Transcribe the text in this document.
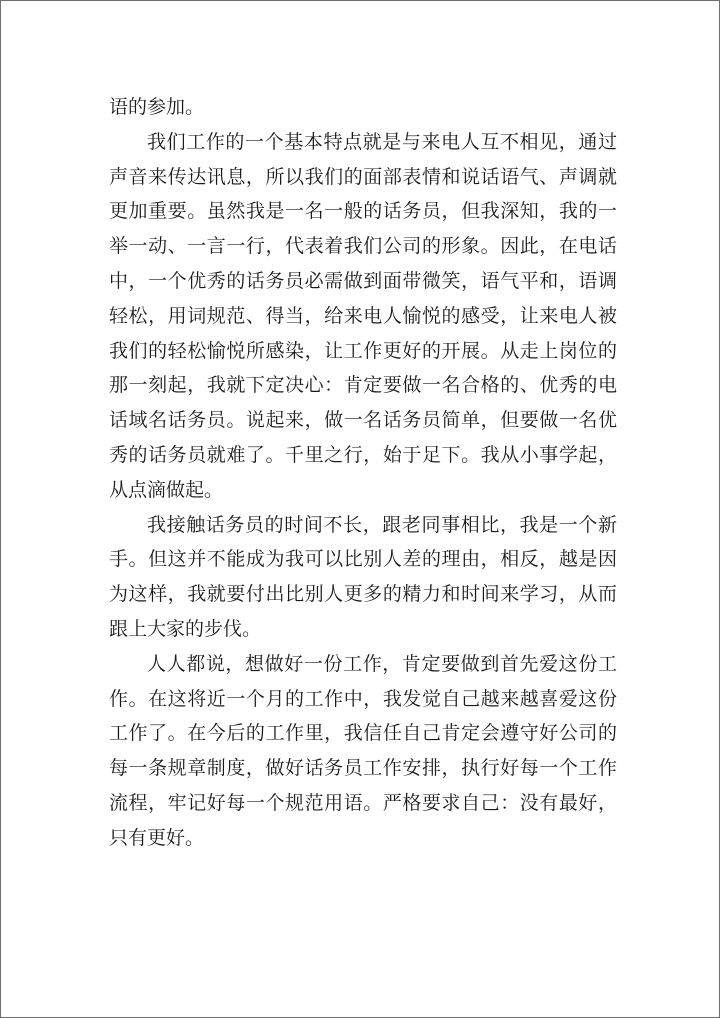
语的参加。

我们工作的一个基本特点就是与来电人互不相见，通过声音来传达讯息，所以我们的面部表情和说话语气、声调就更加重要。虽然我是一名一般的话务员，但我深知，我的一举一动、一言一行，代表着我们公司的形象。因此，在电话中，一个优秀的话务员必需做到面带微笑，语气平和，语调轻松，用词规范、得当，给来电人愉悦的感受，让来电人被我们的轻松愉悦所感染，让工作更好的开展。从走上岗位的那一刻起，我就下定决心：肯定要做一名合格的、优秀的电话域名话务员。说起来，做一名话务员简单，但要做一名优秀的话务员就难了。千里之行，始于足下。我从小事学起，从点滴做起。

我接触话务员的时间不长，跟老同事相比，我是一个新手。但这并不能成为我可以比别人差的理由，相反，越是因为这样，我就要付出比别人更多的精力和时间来学习，从而跟上大家的步伐。

人人都说，想做好一份工作，肯定要做到首先爱这份工作。在这将近一个月的工作中，我发觉自己越来越喜爱这份工作了。在今后的工作里，我信任自己肯定会遵守好公司的每一条规章制度，做好话务员工作安排，执行好每一个工作流程，牢记好每一个规范用语。严格要求自己：没有最好，只有更好。
